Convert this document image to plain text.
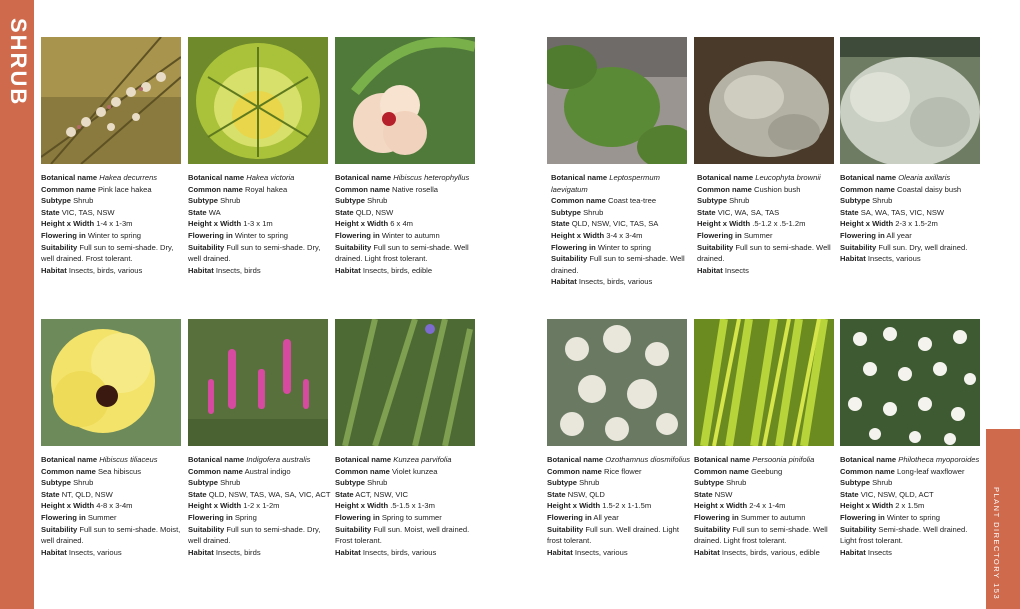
SHRUB
PLANT DIRECTORY 153
Botanical name Hakea decurrens
Common name Pink lace hakea
Subtype Shrub
State VIC, TAS, NSW
Height x Width 1-4 x 1-3m
Flowering in Winter to spring
Suitability Full sun to semi-shade. Dry, well drained. Frost tolerant.
Habitat Insects, birds, various
Botanical name Hakea victoria
Common name Royal hakea
Subtype Shrub
State WA
Height x Width 1-3 x 1m
Flowering in Winter to spring
Suitability Full sun to semi-shade. Dry, well drained.
Habitat Insects, birds
Botanical name Hibiscus heterophyllus
Common name Native rosella
Subtype Shrub
State QLD, NSW
Height x Width 6 x 4m
Flowering in Winter to autumn
Suitability Full sun to semi-shade. Well drained. Light frost tolerant.
Habitat Insects, birds, edible
Botanical name Leptospermum laevigatum
Common name Coast tea-tree
Subtype Shrub
State QLD, NSW, VIC, TAS, SA
Height x Width 3-4 x 3-4m
Flowering in Winter to spring
Suitability Full sun to semi-shade. Well drained.
Habitat Insects, birds, various
Botanical name Leucophyta brownii
Common name Cushion bush
Subtype Shrub
State VIC, WA, SA, TAS
Height x Width .5-1.2 x .5-1.2m
Flowering in Summer
Suitability Full sun to semi-shade. Well drained.
Habitat Insects
Botanical name Olearia axillaris
Common name Coastal daisy bush
Subtype Shrub
State SA, WA, TAS, VIC, NSW
Height x Width 2-3 x 1.5-2m
Flowering in All year
Suitability Full sun. Dry, well drained.
Habitat Insects, various
Botanical name Hibiscus tiliaceus
Common name Sea hibiscus
Subtype Shrub
State NT, QLD, NSW
Height x Width 4-8 x 3-4m
Flowering in Summer
Suitability Full sun to semi-shade. Moist, well drained.
Habitat Insects, various
Botanical name Indigofera australis
Common name Austral indigo
Subtype Shrub
State QLD, NSW, TAS, WA, SA, VIC, ACT
Height x Width 1-2 x 1-2m
Flowering in Spring
Suitability Full sun to semi-shade. Dry, well drained.
Habitat Insects, birds
Botanical name Kunzea parvifolia
Common name Violet kunzea
Subtype Shrub
State ACT, NSW, VIC
Height x Width .5-1.5 x 1-3m
Flowering in Spring to summer
Suitability Full sun. Moist, well drained. Frost tolerant.
Habitat Insects, birds, various
Botanical name Ozothamnus diosmifolius
Common name Rice flower
Subtype Shrub
State NSW, QLD
Height x Width 1.5-2 x 1-1.5m
Flowering in All year
Suitability Full sun. Well drained. Light frost tolerant.
Habitat Insects, various
Botanical name Persoonia pinifolia
Common name Geebung
Subtype Shrub
State NSW
Height x Width 2-4 x 1-4m
Flowering in Summer to autumn
Suitability Full sun to semi-shade. Well drained. Light frost tolerant.
Habitat Insects, birds, various, edible
Botanical name Philotheca myoporoides
Common name Long-leaf waxflower
Subtype Shrub
State VIC, NSW, QLD, ACT
Height x Width 2 x 1.5m
Flowering in Winter to spring
Suitability Semi-shade. Well drained. Light frost tolerant.
Habitat Insects
